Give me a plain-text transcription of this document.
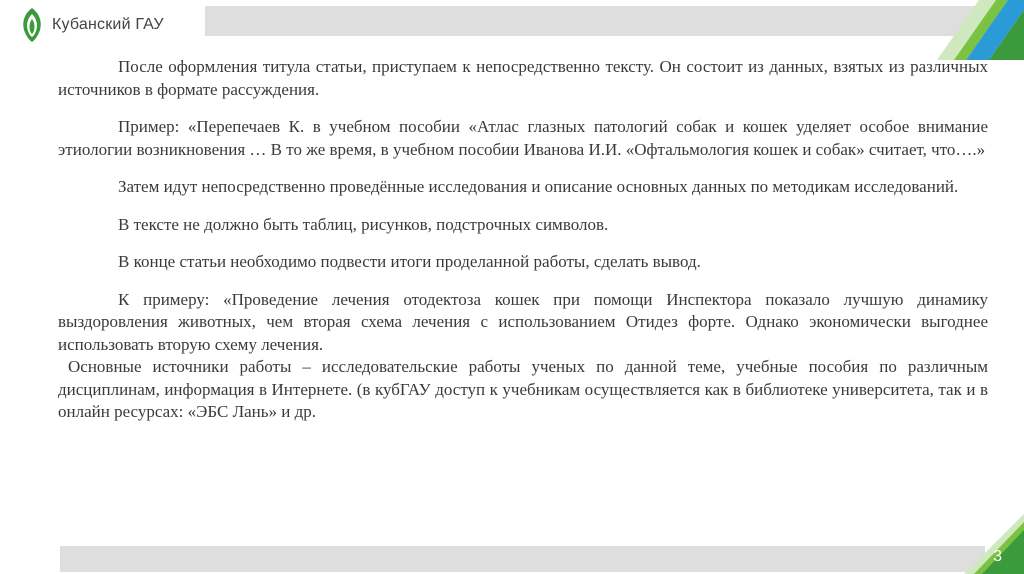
Кубанский ГАУ

После оформления титула статьи, приступаем к непосредственно тексту. Он состоит из данных, взятых из различных источников в формате рассуждения.

Пример: «Перепечаев К. в учебном пособии «Атлас глазных патологий собак и кошек уделяет особое внимание этиологии возникновения … В то же время, в учебном пособии Иванова И.И. «Офтальмология кошек и собак» считает, что….»

Затем идут непосредственно проведённые исследования и описание основных данных по методикам исследований.

В тексте не должно быть таблиц, рисунков, подстрочных символов.

В конце статьи необходимо подвести итоги проделанной работы, сделать вывод.

К примеру: «Проведение лечения отодектоза кошек при помощи Инспектора показало лучшую динамику выздоровления животных, чем вторая схема лечения с использованием Отидез форте. Однако экономически выгоднее использовать вторую схему лечения.

Основные источники работы – исследовательские работы ученых по данной теме, учебные пособия по различным дисциплинам, информация в Интернете. (в кубГАУ доступ к учебникам осуществляется как в библиотеке университета, так и в онлайн ресурсах: «ЭБС Лань» и др.

3
